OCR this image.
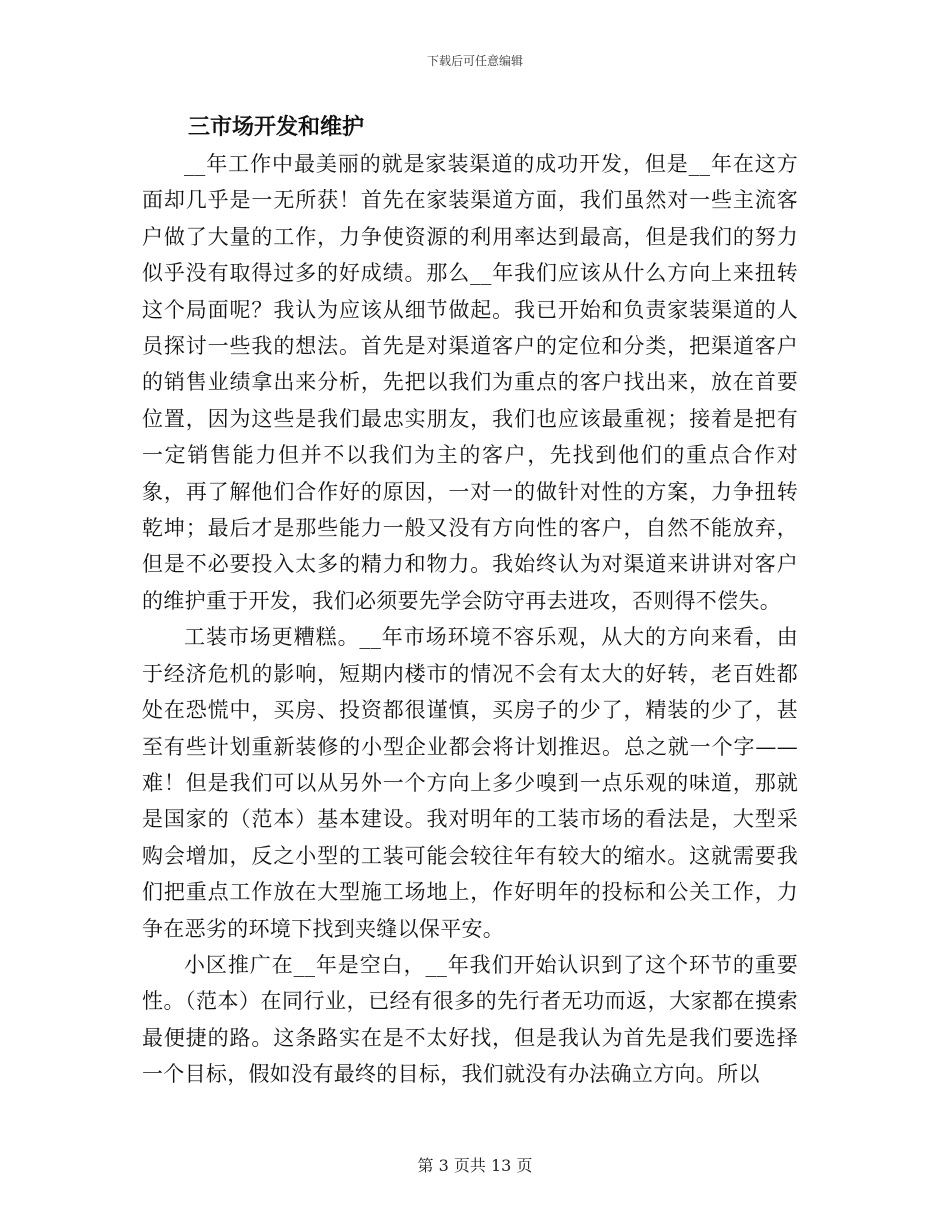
下载后可任意编辑
三市场开发和维护

__年工作中最美丽的就是家装渠道的成功开发，但是__年在这方面却几乎是一无所获！首先在家装渠道方面，我们虽然对一些主流客户做了大量的工作，力争使资源的利用率达到最高，但是我们的努力似乎没有取得过多的好成绩。那么__年我们应该从什么方向上来扭转这个局面呢？我认为应该从细节做起。我已开始和负责家装渠道的人员探讨一些我的想法。首先是对渠道客户的定位和分类，把渠道客户的销售业绩拿出来分析，先把以我们为重点的客户找出来，放在首要位置，因为这些是我们最忠实朋友，我们也应该最重视；接着是把有一定销售能力但并不以我们为主的客户，先找到他们的重点合作对象，再了解他们合作好的原因，一对一的做针对性的方案，力争扭转乾坤；最后才是那些能力一般又没有方向性的客户，自然不能放弃，但是不必要投入太多的精力和物力。我始终认为对渠道来讲讲对客户的维护重于开发，我们必须要先学会防守再去进攻，否则得不偿失。

工装市场更糟糕。__年市场环境不容乐观，从大的方向来看，由于经济危机的影响，短期内楼市的情况不会有太大的好转，老百姓都处在恐慌中，买房、投资都很谨慎，买房子的少了，精装的少了，甚至有些计划重新装修的小型企业都会将计划推迟。总之就一个字——难！但是我们可以从另外一个方向上多少嗅到一点乐观的味道，那就是国家的（范本）基本建设。我对明年的工装市场的看法是，大型采购会增加，反之小型的工装可能会较往年有较大的缩水。这就需要我们把重点工作放在大型施工场地上，作好明年的投标和公关工作，力争在恶劣的环境下找到夹缝以保平安。

小区推广在__年是空白，__年我们开始认识到了这个环节的重要性。（范本）在同行业，已经有很多的先行者无功而返，大家都在摸索最便捷的路。这条路实在是不太好找，但是我认为首先是我们要选择一个目标，假如没有最终的目标，我们就没有办法确立方向。所以

第 3 页共 13 页
